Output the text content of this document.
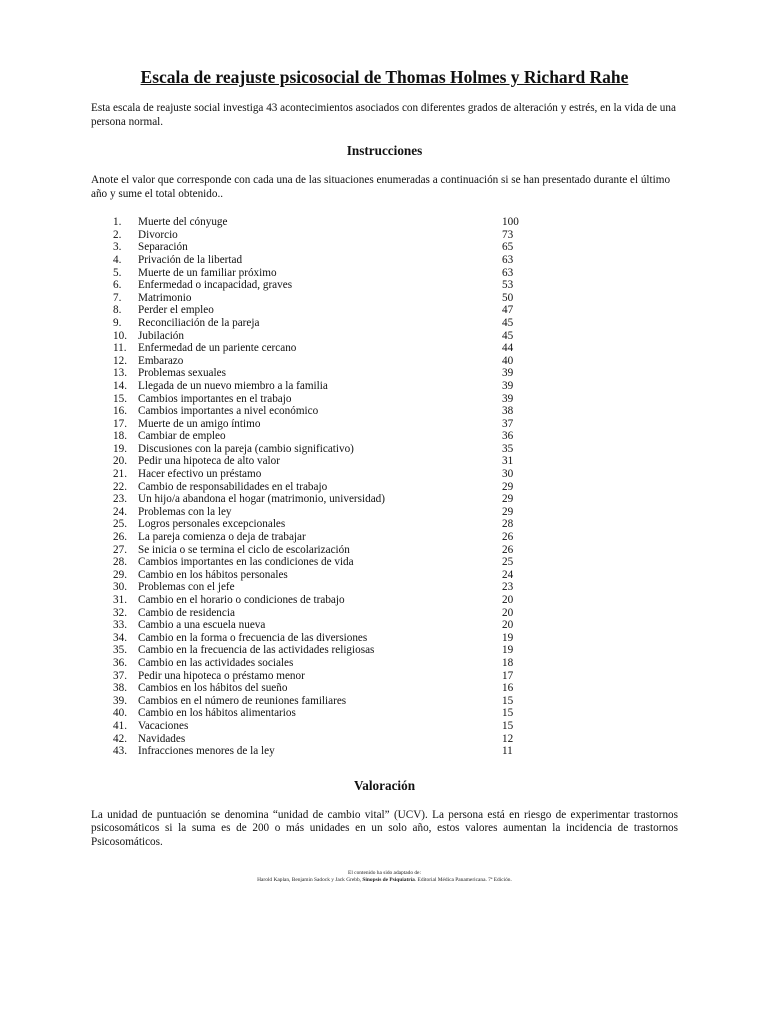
Escala de reajuste psicosocial de Thomas Holmes y Richard Rahe

Esta escala de reajuste social investiga 43 acontecimientos asociados con diferentes grados de alteración y estrés, en la vida de una persona normal.

Instrucciones

Anote el valor que corresponde con cada una de las situaciones enumeradas a continuación si se han presentado durante el último año y sume el total obtenido..

1.	Muerte del cónyuge	100
2.	Divorcio	73
3.	Separación	65
4.	Privación de la libertad	63
5.	Muerte de un familiar próximo	63
6.	Enfermedad o incapacidad, graves	53
7.	Matrimonio	50
8.	Perder el empleo	47
9.	Reconciliación de la pareja	45
10. Jubilación	45
11.	Enfermedad de un pariente cercano	44
12. Embarazo	40
13. Problemas sexuales	39
14. Llegada de un nuevo miembro a la familia	39
15. Cambios importantes en el trabajo	39
16. Cambios importantes a nivel económico	38
17. Muerte de un amigo íntimo	37
18. Cambiar de empleo	36
19. Discusiones con la pareja (cambio significativo)	35
20. Pedir una hipoteca de alto valor	31
21. Hacer efectivo un préstamo	30
22. Cambio de responsabilidades en el trabajo	29
23. Un hijo/a abandona el hogar (matrimonio, universidad)	29
24. Problemas con la ley	29
25. Logros personales excepcionales	28
26. La pareja comienza o deja de trabajar	26
27. Se inicia o se termina el ciclo de escolarización	26
28. Cambios importantes en las condiciones de vida	25
29. Cambio en los hábitos personales	24
30. Problemas con el jefe	23
31. Cambio en el horario o condiciones de trabajo	20
32. Cambio de residencia	20
33. Cambio a una escuela nueva	20
34. Cambio en la forma o frecuencia de las diversiones	19
35. Cambio en la frecuencia de las actividades religiosas	19
36. Cambio en las actividades sociales	18
37. Pedir una hipoteca o préstamo menor	17
38. Cambios en los hábitos del sueño	16
39. Cambios en el número de reuniones familiares	15
40. Cambio en los hábitos alimentarios	15
41. Vacaciones	15
42. Navidades	12
43. Infracciones menores de la ley	11
Valoración

La unidad de puntuación se denomina “unidad de cambio vital” (UCV). La persona está en riesgo de experimentar trastornos psicosomáticos si la suma es de 200 o más unidades en un solo año, estos valores aumentan la incidencia de trastornos Psicosomáticos.

El contenido ha sido adaptado de:
Harold Kaplan, Benjamin Sadock y Jack Grebb, Sinopsis de Psiquiatría. Editorial Médica Panamericana. 7ª Edición.
